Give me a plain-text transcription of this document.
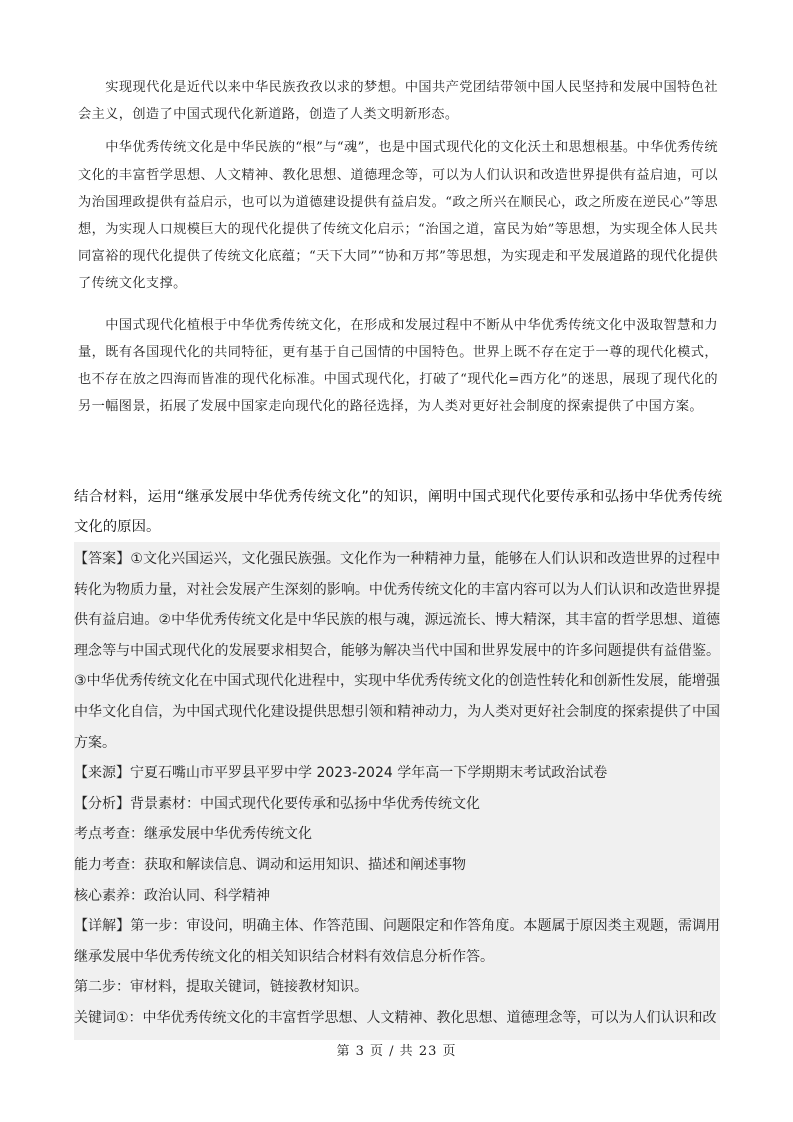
  实现现代化是近代以来中华民族孜孜以求的梦想。中国共产党团结带领中国人民坚持和发展中国特色社会主义，创造了中国式现代化新道路，创造了人类文明新形态。

  中华优秀传统文化是中华民族的“根”与“魂”，也是中国式现代化的文化沃土和思想根基。中华优秀传统文化的丰富哲学思想、人文精神、教化思想、道德理念等，可以为人们认识和改造世界提供有益启迪，可以为治国理政提供有益启示，也可以为道德建设提供有益启发。“政之所兴在顺民心，政之所废在逆民心”等思想，为实现人口规模巨大的现代化提供了传统文化启示；“治国之道，富民为始”等思想，为实现全体人民共同富裕的现代化提供了传统文化底蕴；“天下大同”“协和万邦”等思想，为实现走和平发展道路的现代化提供了传统文化支撑。

  中国式现代化植根于中华优秀传统文化，在形成和发展过程中不断从中华优秀传统文化中汲取智慧和力量，既有各国现代化的共同特征，更有基于自己国情的中国特色。世界上既不存在定于一尊的现代化模式，也不存在放之四海而皆准的现代化标准。中国式现代化，打破了“现代化=西方化”的迷思，展现了现代化的另一幅图景，拓展了发展中国家走向现代化的路径选择，为人类对更好社会制度的探索提供了中国方案。

结合材料，运用“继承发展中华优秀传统文化”的知识，阐明中国式现代化要传承和弘扬中华优秀传统文化的原因。

【答案】①文化兴国运兴，文化强民族强。文化作为一种精神力量，能够在人们认识和改造世界的过程中转化为物质力量，对社会发展产生深刻的影响。中优秀传统文化的丰富内容可以为人们认识和改造世界提供有益启迪。②中华优秀传统文化是中华民族的根与魂，源远流长、博大精深，其丰富的哲学思想、道德理念等与中国式现代化的发展要求相契合，能够为解决当代中国和世界发展中的许多问题提供有益借鉴。③中华优秀传统文化在中国式现代化进程中，实现中华优秀传统文化的创造性转化和创新性发展，能增强中华文化自信，为中国式现代化建设提供思想引领和精神动力，为人类对更好社会制度的探索提供了中国方案。

【来源】宁夏石嘴山市平罗县平罗中学 2023-2024 学年高一下学期期末考试政治试卷

【分析】背景素材：中国式现代化要传承和弘扬中华优秀传统文化

考点考查：继承发展中华优秀传统文化

能力考查：获取和解读信息、调动和运用知识、描述和阐述事物

核心素养：政治认同、科学精神

【详解】第一步：审设问，明确主体、作答范围、问题限定和作答角度。本题属于原因类主观题，需调用继承发展中华优秀传统文化的相关知识结合材料有效信息分析作答。

第二步：审材料，提取关键词，链接教材知识。

关键词①：中华优秀传统文化的丰富哲学思想、人文精神、教化思想、道德理念等，可以为人们认识和改

第 3 页 / 共 23 页
